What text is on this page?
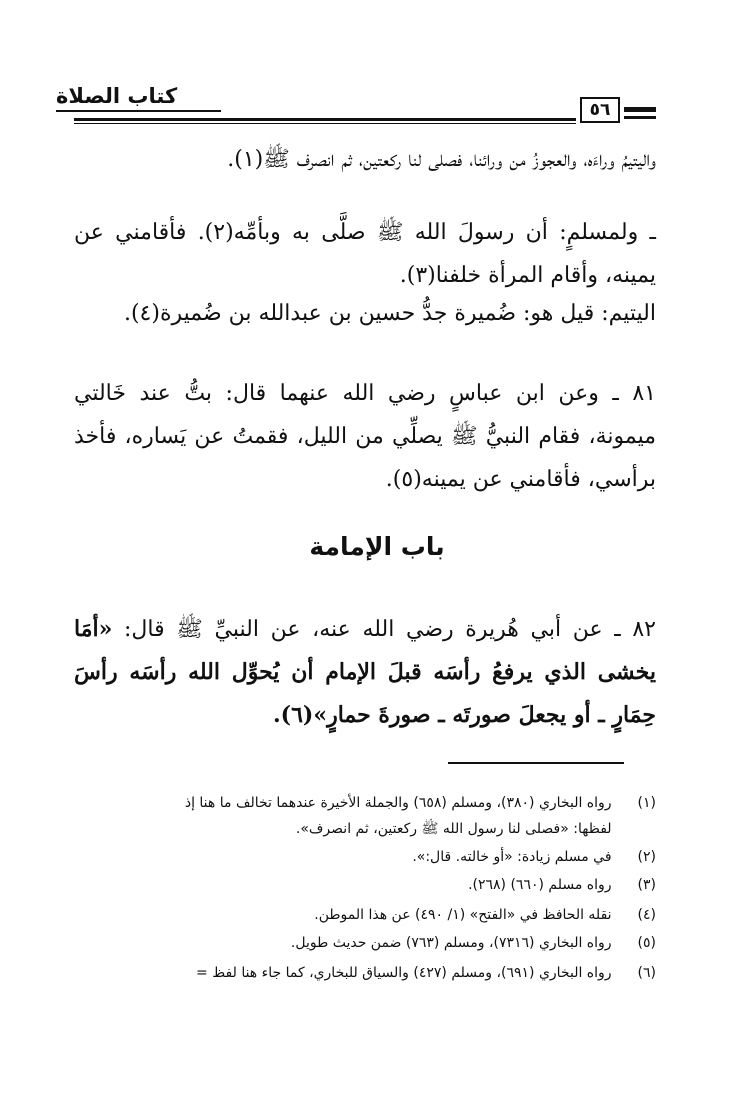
كتاب الصلاة
٥٦

واليتيمُ وراءَه، والعجوزُ من ورائنا، فصلى لنا ركعتين، ثم انصرف ﷺ(١).

ـ ولمسلمٍ: أن رسولَ الله ﷺ صلَّى به وبأمِّه(٢). فأقامني عن يمينه، وأقام المرأة خلفنا(٣).

اليتيم: قيل هو: ضُميرة جدُّ حسين بن عبدالله بن ضُميرة(٤).

٨١ ـ وعن ابن عباسٍ رضي الله عنهما قال: بتُّ عند خَالتي ميمونة، فقام النبيُّ ﷺ يصلِّي من الليل، فقمتُ عن يَساره، فأخذ برأسي، فأقامني عن يمينه(٥).

باب الإمامة

٨٢ ـ عن أبي هُريرة رضي الله عنه، عن النبيِّ ﷺ قال: «أمَا يخشى الذي يرفعُ رأسَه قبلَ الإمام أن يُحوِّل الله رأسَه رأسَ حِمَارٍ ـ أو يجعلَ صورتَه ـ صورةَ حمارٍ»(٦).

(١) رواه البخاري (٣٨٠)، ومسلم (٦٥٨) والجملة الأخيرة عندهما تخالف ما هنا إذ

لفظها: «فصلى لنا رسول الله ﷺ ركعتين، ثم انصرف».

(٢) في مسلم زيادة: «أو خالته. قال:».

(٣) رواه مسلم (٦٦٠) (٢٦٨).

(٤) نقله الحافظ في «الفتح» (١/ ٤٩٠) عن هذا الموطن.

(٥) رواه البخاري (٧٣١٦)، ومسلم (٧٦٣) ضمن حديث طويل.

(٦) رواه البخاري (٦٩١)، ومسلم (٤٢٧) والسياق للبخاري، كما جاء هنا لفظ =
